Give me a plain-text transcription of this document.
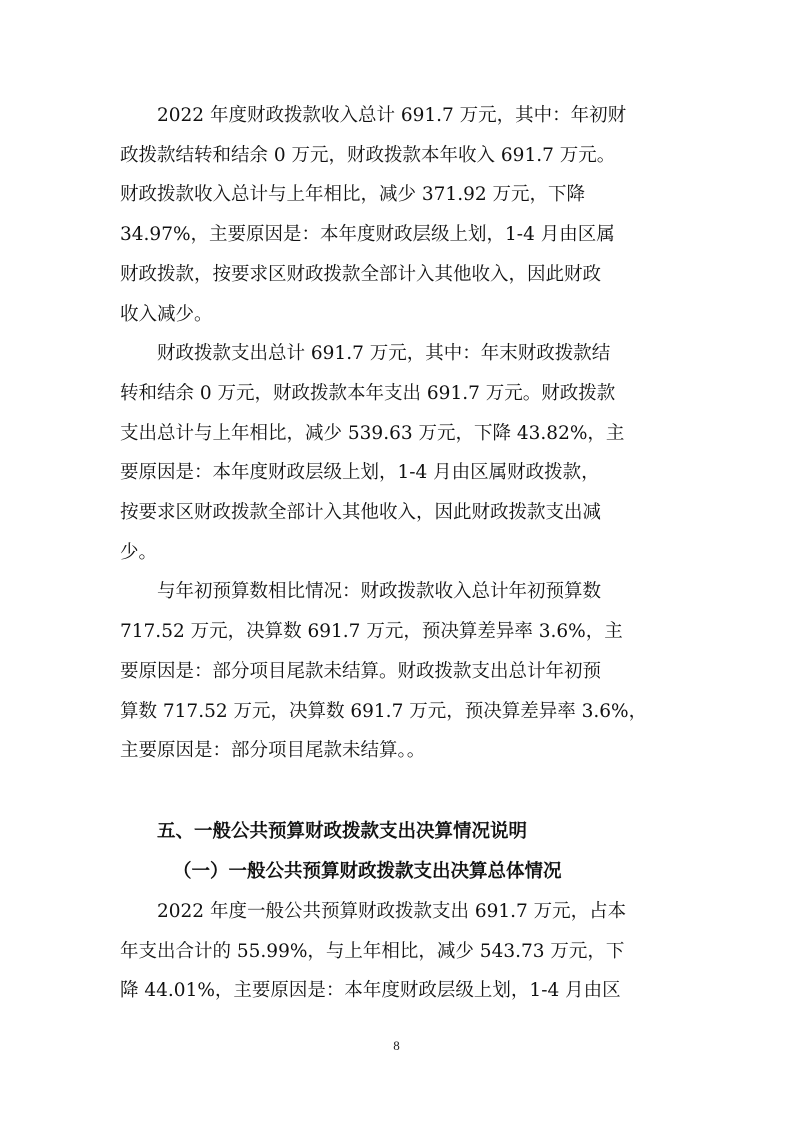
2022 年度财政拨款收入总计 691.7 万元，其中：年初财
政拨款结转和结余 0 万元，财政拨款本年收入 691.7 万元。
财政拨款收入总计与上年相比，减少 371.92 万元，下降
34.97%，主要原因是：本年度财政层级上划，1-4 月由区属
财政拨款，按要求区财政拨款全部计入其他收入，因此财政
收入减少。

财政拨款支出总计 691.7 万元，其中：年末财政拨款结
转和结余 0 万元，财政拨款本年支出 691.7 万元。财政拨款
支出总计与上年相比，减少 539.63 万元，下降 43.82%，主
要原因是：本年度财政层级上划，1-4 月由区属财政拨款，
按要求区财政拨款全部计入其他收入，因此财政拨款支出减
少。

与年初预算数相比情况：财政拨款收入总计年初预算数
717.52 万元，决算数 691.7 万元，预决算差异率 3.6%，主
要原因是：部分项目尾款未结算。财政拨款支出总计年初预
算数 717.52 万元，决算数 691.7 万元，预决算差异率 3.6%，
主要原因是：部分项目尾款未结算。。

五、一般公共预算财政拨款支出决算情况说明
（一）一般公共预算财政拨款支出决算总体情况

2022 年度一般公共预算财政拨款支出 691.7 万元，占本
年支出合计的 55.99%，与上年相比，减少 543.73 万元，下
降 44.01%，主要原因是：本年度财政层级上划，1-4 月由区

8
